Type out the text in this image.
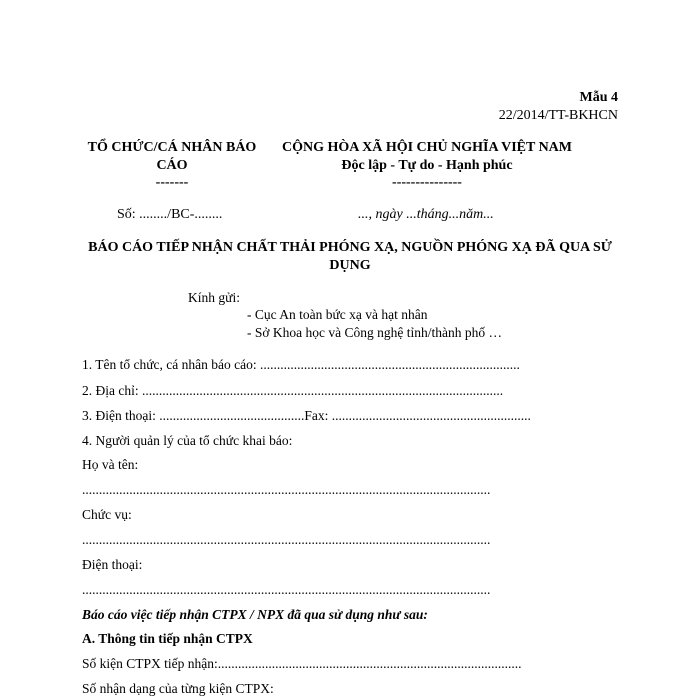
Mẫu 4
22/2014/TT-BKHCN
TỔ CHỨC/CÁ NHÂN BÁO
CÁO
-------
Số: ......../BC-........
CỘNG HÒA XÃ HỘI CHỦ NGHĨA VIỆT NAM
Độc lập - Tự do - Hạnh phúc
---------------
..., ngày ...tháng...năm...
BÁO CÁO TIẾP NHẬN CHẤT THẢI PHÓNG XẠ, NGUỒN PHÓNG XẠ ĐÃ QUA SỬ
DỤNG
Kính gửi:
- Cục An toàn bức xạ và hạt nhân
- Sở Khoa học và Công nghệ tỉnh/thành phố …
1. Tên tổ chức, cá nhân báo cáo: .............................................................................
2. Địa chỉ: ...........................................................................................................
3. Điện thoại: ...........................................Fax: ...........................................................
4. Người quản lý của tổ chức khai báo:
Họ và tên:
.........................................................................................................................
Chức vụ:
.........................................................................................................................
Điện thoại:
.........................................................................................................................
Báo cáo việc tiếp nhận CTPX / NPX đã qua sử dụng như sau:
A. Thông tin tiếp nhận CTPX
Số kiện CTPX tiếp nhận:..........................................................................................
Số nhận dạng của từng kiện CTPX:
